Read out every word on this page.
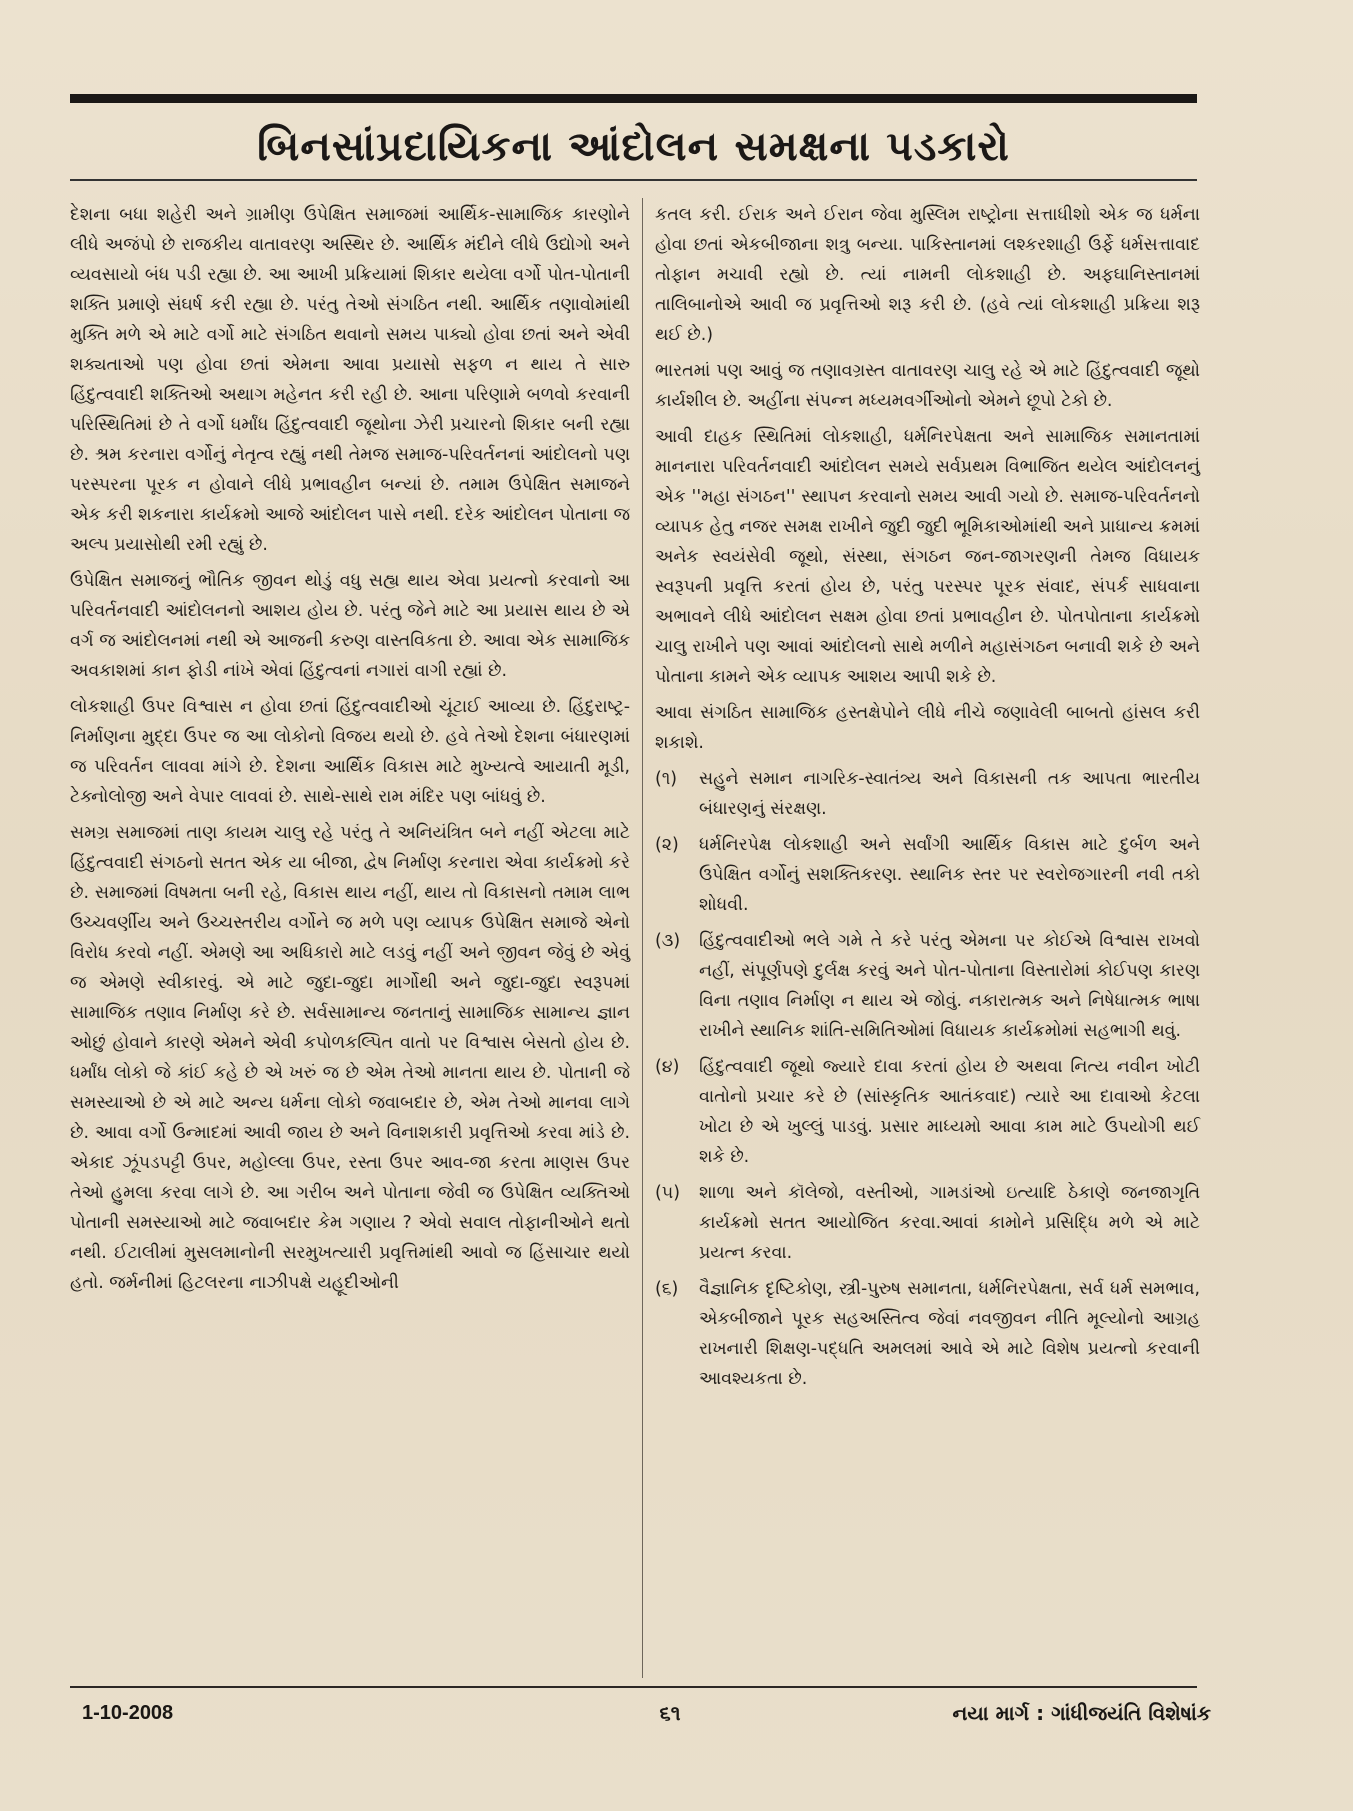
બિનસાંપ્રદાયિકના આંદોલન સમક્ષના પડકારો

દેશના બધા શહેરી અને ગ્રામીણ ઉપેક્ષિત સમાજમાં આર્થિક-સામાજિક કારણોને લીધે અજંપો છે રાજકીય વાતાવરણ અસ્થિર છે. આર્થિક મંદીને લીધે ઉદ્યોગો અને વ્યવસાયો બંધ પડી રહ્યા છે. આ આખી પ્રક્રિયામાં શિકાર થયેલા વર્ગો પોત-પોતાની શક્તિ પ્રમાણે સંઘર્ષ કરી રહ્યા છે. પરંતુ તેઓ સંગઠિત નથી. આર્થિક તણાવોમાંથી મુક્તિ મળે એ માટે વર્ગો માટે સંગઠિત થવાનો સમય પાક્યો હોવા છતાં અને એવી શક્યતાઓ પણ હોવા છતાં એમના આવા પ્રયાસો સફળ ન થાય તે સારુ હિંદુત્વવાદી શક્તિઓ અથાગ મહેનત કરી રહી છે. આના પરિણામે બળવો કરવાની પરિસ્થિતિમાં છે તે વર્ગો ધર્માંધ હિંદુત્વવાદી જૂથોના ઝેરી પ્રચારનો શિકાર બની રહ્યા છે. શ્રમ કરનારા વર્ગોનું નેતૃત્વ રહ્યું નથી તેમજ સમાજ-પરિવર્તનનાં આંદોલનો પણ પરસ્પરના પૂરક ન હોવાને લીધે પ્રભાવહીન બન્યાં છે. તમામ ઉપેક્ષિત સમાજને એક કરી શકનારા કાર્યક્રમો આજે આંદોલન પાસે નથી. દરેક આંદોલન પોતાના જ અલ્પ પ્રયાસોથી રમી રહ્યું છે.

ઉપેક્ષિત સમાજનું ભૌતિક જીવન થોડું વધુ સહ્ય થાય એવા પ્રયત્નો કરવાનો આ પરિવર્તનવાદી આંદોલનનો આશય હોય છે. પરંતુ જેને માટે આ પ્રયાસ થાય છે એ વર્ગ જ આંદોલનમાં નથી એ આજની કરુણ વાસ્તવિકતા છે. આવા એક સામાજિક અવકાશમાં કાન ફોડી નાંખે એવાં હિંદુત્વનાં નગારાં વાગી રહ્યાં છે.

લોકશાહી ઉપર વિશ્વાસ ન હોવા છતાં હિંદુત્વવાદીઓ ચૂંટાઈ આવ્યા છે. હિંદુરાષ્ટ્ર-નિર્માણના મુદ્દા ઉપર જ આ લોકોનો વિજય થયો છે. હવે તેઓ દેશના બંધારણમાં જ પરિવર્તન લાવવા માંગે છે. દેશના આર્થિક વિકાસ માટે મુખ્યત્વે આયાતી મૂડી, ટેક્નોલોજી અને વેપાર લાવવાં છે. સાથે-સાથે રામ મંદિર પણ બાંધવું છે.

સમગ્ર સમાજમાં તાણ કાયમ ચાલુ રહે પરંતુ તે અનિયંત્રિત બને નહીં એટલા માટે હિંદુત્વવાદી સંગઠનો સતત એક યા બીજા, દ્વેષ નિર્માણ કરનારા એવા કાર્યક્રમો કરે છે. સમાજમાં વિષમતા બની રહે, વિકાસ થાય નહીં, થાય તો વિકાસનો તમામ લાભ ઉચ્ચવર્ણીય અને ઉચ્ચસ્તરીય વર્ગોને જ મળે પણ વ્યાપક ઉપેક્ષિત સમાજે એનો વિરોધ કરવો નહીં. એમણે આ અધિકારો માટે લડવું નહીં અને જીવન જેવું છે એવું જ એમણે સ્વીકારવું. એ માટે જુદા-જુદા માર્ગોથી અને જુદા-જુદા સ્વરૂપમાં સામાજિક તણાવ નિર્માણ કરે છે. સર્વસામાન્ય જનતાનું સામાજિક સામાન્ય જ્ઞાન ઓછું હોવાને કારણે એમને એવી કપોળકલ્પિત વાતો પર વિશ્વાસ બેસતો હોય છે. ધર્માંધ લોકો જે કાંઈ કહે છે એ ખરું જ છે એમ તેઓ માનતા થાય છે. પોતાની જે સમસ્યાઓ છે એ માટે અન્ય ધર્મના લોકો જવાબદાર છે, એમ તેઓ માનવા લાગે છે. આવા વર્ગો ઉન્માદમાં આવી જાય છે અને વિનાશકારી પ્રવૃત્તિઓ કરવા માંડે છે. એકાદ ઝૂંપડપટ્ટી ઉપર, મહોલ્લા ઉપર, રસ્તા ઉપર આવ-જા કરતા માણસ ઉપર તેઓ હુમલા કરવા લાગે છે. આ ગરીબ અને પોતાના જેવી જ ઉપેક્ષિત વ્યક્તિઓ પોતાની સમસ્યાઓ માટે જવાબદાર કેમ ગણાય ? એવો સવાલ તોફાનીઓને થતો નથી. ઈટાલીમાં મુસલમાનોની સરમુખત્યારી પ્રવૃત્તિમાંથી આવો જ હિંસાચાર થયો હતો. જર્મનીમાં હિટલરના નાઝીપક્ષે યહૂદીઓની

કતલ કરી. ઈરાક અને ઈરાન જેવા મુસ્લિમ રાષ્ટ્રોના સત્તાધીશો એક જ ધર્મના હોવા છતાં એકબીજાના શત્રુ બન્યા. પાકિસ્તાનમાં લશ્કરશાહી ઉર્ફે ધર્મસત્તાવાદ તોફાન મચાવી રહ્યો છે. ત્યાં નામની લોકશાહી છે. અફઘાનિસ્તાનમાં તાલિબાનોએ આવી જ પ્રવૃત્તિઓ શરૂ કરી છે. (હવે ત્યાં લોકશાહી પ્રક્રિયા શરૂ થઈ છે.)

ભારતમાં પણ આવું જ તણાવગ્રસ્ત વાતાવરણ ચાલુ રહે એ માટે હિંદુત્વવાદી જૂથો કાર્યશીલ છે. અહીંના સંપન્ન મધ્યમવર્ગીઓનો એમને છૂપો ટેકો છે.

આવી દાહક સ્થિતિમાં લોકશાહી, ધર્મનિરપેક્ષતા અને સામાજિક સમાનતામાં માનનારા પરિવર્તનવાદી આંદોલન સમયે સર્વપ્રથમ વિભાજિત થયેલ આંદોલનનું એક ''મહા સંગઠન'' સ્થાપન કરવાનો સમય આવી ગયો છે. સમાજ-પરિવર્તનનો વ્યાપક હેતુ નજર સમક્ષ રાખીને જુદી જુદી ભૂમિકાઓમાંથી અને પ્રાધાન્ય ક્રમમાં અનેક સ્વયંસેવી જૂથો, સંસ્થા, સંગઠન જન-જાગરણની તેમજ વિધાયક સ્વરૂપની પ્રવૃત્તિ કરતાં હોય છે, પરંતુ પરસ્પર પૂરક સંવાદ, સંપર્ક સાધવાના અભાવને લીધે આંદોલન સક્ષમ હોવા છતાં પ્રભાવહીન છે. પોતપોતાના કાર્યક્રમો ચાલુ રાખીને પણ આવાં આંદોલનો સાથે મળીને મહાસંગઠન બનાવી શકે છે અને પોતાના કામને એક વ્યાપક આશય આપી શકે છે.

આવા સંગઠિત સામાજિક હસ્તક્ષેપોને લીધે નીચે જણાવેલી બાબતો હાંસલ કરી શકાશે.

(૧)	સહુને સમાન નાગરિક-સ્વાતંત્ર્ય અને વિકાસની તક આપતા ભારતીય બંધારણનું સંરક્ષણ.
(૨)	ધર્મનિરપેક્ષ લોકશાહી અને સર્વાંગી આર્થિક વિકાસ માટે દુર્બળ અને ઉપેક્ષિત વર્ગોનું સશક્તિકરણ. સ્થાનિક સ્તર પર સ્વરોજગારની નવી તકો શોધવી.
(૩)	હિંદુત્વવાદીઓ ભલે ગમે તે કરે પરંતુ એમના પર કોઈએ વિશ્વાસ રાખવો નહીં, સંપૂર્ણપણે દુર્લક્ષ કરવું અને પોત-પોતાના વિસ્તારોમાં કોઈપણ કારણ વિના તણાવ નિર્માણ ન થાય એ જોવું. નકારાત્મક અને નિષેધાત્મક ભાષા રાખીને સ્થાનિક શાંતિ-સમિતિઓમાં વિધાયક કાર્યક્રમોમાં સહભાગી થવું.
(૪)	હિંદુત્વવાદી જૂથો જ્યારે દાવા કરતાં હોય છે અથવા નિત્ય નવીન ખોટી વાતોનો પ્રચાર કરે છે (સાંસ્કૃતિક આતંકવાદ) ત્યારે આ દાવાઓ કેટલા ખોટા છે એ ખુલ્લું પાડવું. પ્રસાર માધ્યમો આવા કામ માટે ઉપયોગી થઈ શકે છે.
(૫)	શાળા અને કૉલેજો, વસ્તીઓ, ગામડાંઓ ઇત્યાદિ ઠેકાણે જનજાગૃતિ કાર્યક્રમો સતત આયોજિત કરવા.આવાં કામોને પ્રસિદ્ધિ મળે એ માટે પ્રયત્ન કરવા.
(૬)	વૈજ્ઞાનિક દૃષ્ટિકોણ, સ્ત્રી-પુરુષ સમાનતા, ધર્મનિરપેક્ષતા, સર્વ ધર્મ સમભાવ, એકબીજાને પૂરક સહઅસ્તિત્વ જેવાં નવજીવન નીતિ મૂલ્યોનો આગ્રહ રાખનારી શિક્ષણ-પદ્ધતિ અમલમાં આવે એ માટે વિશેષ પ્રયત્નો કરવાની આવશ્યકતા છે.
1-10-2008	૬૧	નયા માર્ગ : ગાંધીજયંતિ વિશેષાંક
